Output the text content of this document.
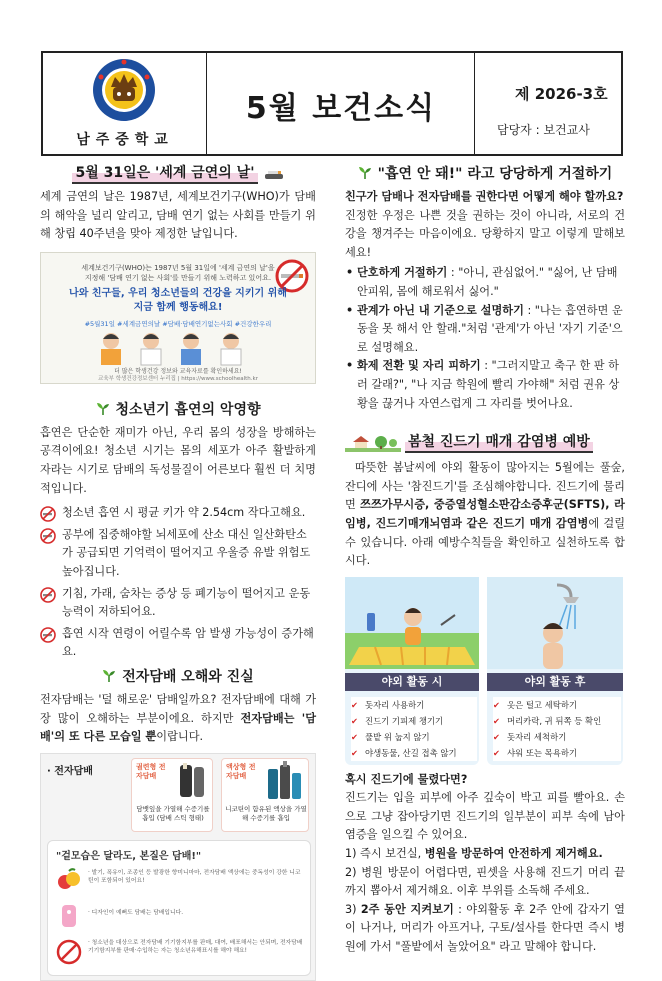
남주중학교
5월 보건소식	제 2026-3호
담당자 : 보건교사
5월 31일은 '세계 금연의 날'

세계 금연의 날은 1987년, 세계보건기구(WHO)가 담배의 해악을 널리 알리고, 담배 연기 없는 사회를 만들기 위해 창립 40주년을 맞아 제정한 날입니다.

세계보건기구(WHO)는 1987년 5월 31일에 '세계 금연의 날'을
지정해 '담배 연기 없는 사회'를 만들기 위해 노력하고 있어요.
나와 친구들, 우리 청소년들의 건강을 지키기 위해
지금 함께 행동해요!
#5월31일 #세계금연의날 #담배·담배연기없는사회 #건강한우리
더 많은 학생건강 정보와 교육자료를 확인하세요!
교육부 학생건강정보센터 누리집 | https://www.schoolhealth.kr
청소년기 흡연의 악영향

흡연은 단순한 재미가 아닌, 우리 몸의 성장을 방해하는 공격이에요! 청소년 시기는 몸의 세포가 아주 활발하게 자라는 시기로 담배의 독성물질이 어른보다 훨씬 더 치명적입니다.

청소년 흡연 시 평균 키가 약 2.54cm 작다고해요.
공부에 집중해야할 뇌세포에 산소 대신 일산화탄소가 공급되면 기억력이 떨어지고 우울증 유발 위험도 높아집니다.
기침, 가래, 숨차는 증상 등 폐기능이 떨어지고 운동능력이 저하되어요.
흡연 시작 연령이 어릴수록 암 발생 가능성이 증가해요.
전자담배 오해와 진실

전자담배는 '덜 해로운' 담배일까요? 전자담배에 대해 가장 많이 오해하는 부분이에요. 하지만 전자담배는 '담배'의 또 다른 모습일 뿐이랍니다.

· 전자담배	궐련형 전자담배
담뱃잎을 가열해 수증기를 흡입 (담배 스틱 형태)
액상형 전자담배
니코틴이 함유된 액상을 가열해 수증기를 흡입
"겉모습은 달라도, 본질은 담배!"
· 발기, 폭유이, 조종인 등 발광한 향미니마마, 전자담배 액상에는 중독성이 강한 니코틴이 포함되어 있어요!
· 디자인이 예뻐도 담배는 담배입니다.
· 청소년을 대상으로 전자담배 기기함지부를 판매, 대여, 배포해서는 안되며, 전자담배 기기함지부를 판매·수입하는 자는 청소년유해표시를 해야 해요!
"흡연 안 돼!" 라고 당당하게 거절하기

친구가 담배나 전자담배를 권한다면 어떻게 해야 할까요?

진정한 우정은 나쁜 것을 권하는 것이 아니라, 서로의 건강을 챙겨주는 마음이에요. 당황하지 말고 이렇게 말해보세요!

• 단호하게 거절하기 : "아니, 관심없어." "싫어, 난 담배 안피워, 몸에 해로워서 싫어."
• 관계가 아닌 내 기준으로 설명하기 : "나는 흡연하면 운동을 못 해서 안 할래."처럼 '관계'가 아닌 '자기 기준'으로 설명해요.
• 화제 전환 및 자리 피하기 : "그러지말고 축구 한 판 하러 갈래?", "나 지금 학원에 빨리 가야해" 처럼 권유 상황을 끊거나 자연스럽게 그 자리를 벗어나요.
봄철 진드기 매개 감염병 예방

따뜻한 봄날씨에 야외 활동이 많아지는 5월에는 풀숲, 잔디에 사는 '참진드기'를 조심해야합니다. 진드기에 물리면 쯔쯔가무시증, 중증열성혈소판감소증후군(SFTS), 라임병, 진드기매개뇌염과 같은 진드기 매개 감염병에 걸릴 수 있습니다. 아래 예방수칙들을 확인하고 실천하도록 합시다.

야외 활동 시
✔ 돗자리 사용하기
✔ 진드기 기피제 챙기기
✔ 풀밭 위 눕지 않기
✔ 야생동물, 산길 접촉 않기
야외 활동 후
✔ 옷은 털고 세탁하기
✔ 머리카락, 귀 뒤쪽 등 확인
✔ 돗자리 세척하기
✔ 샤워 또는 목욕하기

혹시 진드기에 물렸다면?

진드기는 입을 피부에 아주 깊숙이 박고 피를 빨아요. 손으로 그냥 잡아당기면 진드기의 일부분이 피부 속에 남아 염증을 일으킬 수 있어요.

1) 즉시 보건실, 병원을 방문하여 안전하게 제거해요.

2) 병원 방문이 어렵다면, 핀셋을 사용해 진드기 머리 끝까지 뽑아서 제거해요. 이후 부위를 소독해 주세요.

3) 2주 동안 지켜보기 : 야외활동 후 2주 안에 갑자기 열이 나거나, 머리가 아프거나, 구토/설사를 한다면 즉시 병원에 가서 "풀밭에서 놀았어요" 라고 말해야 합니다.
